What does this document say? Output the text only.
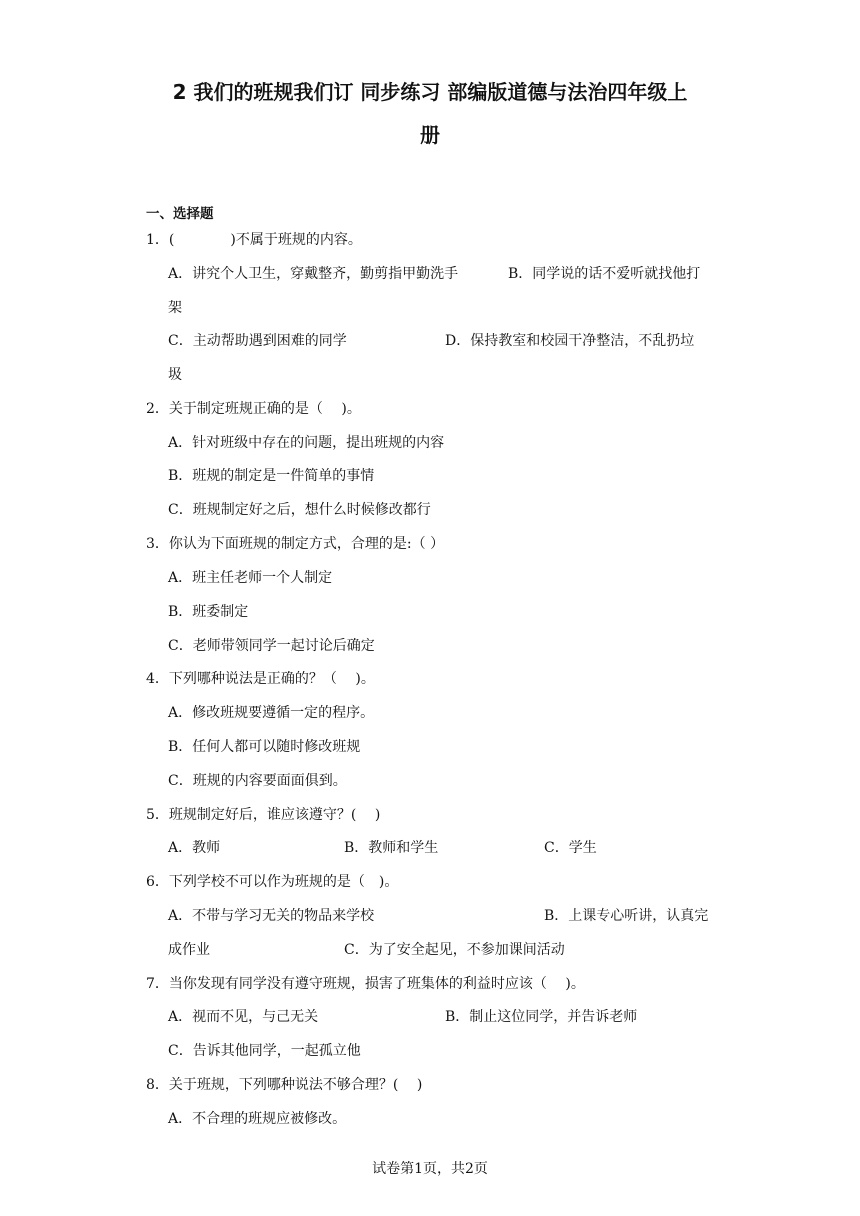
2 我们的班规我们订 同步练习 部编版道德与法治四年级上
册
一、选择题
1．(　　　　)不属于班规的内容。
A．讲究个人卫生，穿戴整齐，勤剪指甲勤洗手	B．同学说的话不爱听就找他打
架
C．主动帮助遇到困难的同学	D．保持教室和校园干净整洁，不乱扔垃
圾
2．关于制定班规正确的是（　 )。
A．针对班级中存在的问题，提出班规的内容
B．班规的制定是一件简单的事情
C．班规制定好之后，想什么时候修改都行
3．你认为下面班规的制定方式，合理的是:（ ）
A．班主任老师一个人制定
B．班委制定
C．老师带领同学一起讨论后确定
4．下列哪种说法是正确的？（　 )。
A．修改班规要遵循一定的程序。
B．任何人都可以随时修改班规
C．班规的内容要面面俱到。
5．班规制定好后，谁应该遵守？(　 )
A．教师	B．教师和学生	C．学生
6．下列学校不可以作为班规的是（　)。
A．不带与学习无关的物品来学校	B．上课专心听讲，认真完
成作业	C．为了安全起见，不参加课间活动
7．当你发现有同学没有遵守班规，损害了班集体的利益时应该（　 )。
A．视而不见，与己无关	B．制止这位同学，并告诉老师
C．告诉其他同学，一起孤立他
8．关于班规，下列哪种说法不够合理？(　 )
A．不合理的班规应被修改。
试卷第1页，共2页
